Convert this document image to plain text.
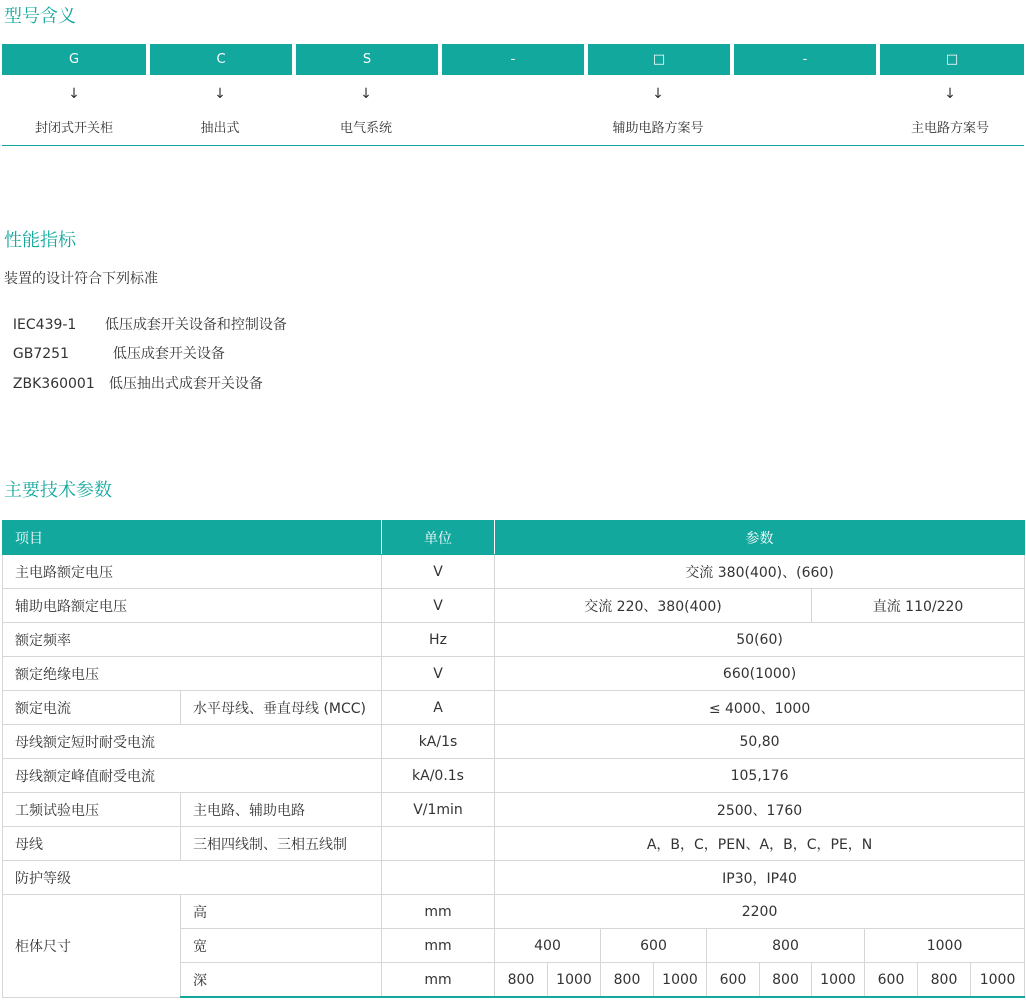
型号含义
G	C	S	-	□	-	□
↓	↓	↓	↓	↓
封闭式开关柜	抽出式	电气系统	辅助电路方案号	主电路方案号
性能指标
装置的设计符合下列标准

IEC439-1 低压成套开关设备和控制设备

GB7251	低压成套开关设备

ZBK360001 低压抽出式成套开关设备

主要技术参数
项目		单位	参数									
主电路额定电压		V	交流 380(400)、(660)									
辅助电路额定电压		V	交流 220、380(400)						直流 110/220			
额定频率		Hz	50(60)									
额定绝缘电压		V	660(1000)									
额定电流	水平母线、垂直母线 (MCC)	A	≤ 4000、1000									
母线额定短时耐受电流		kA/1s	50,80									
母线额定峰值耐受电流		kA/0.1s	105,176									
工频试验电压	主电路、辅助电路	V/1min	2500、1760									
母线	三相四线制、三相五线制		A，B，C，PEN、A，B，C，PE，N									
防护等级			IP30，IP40									
柜体尺寸	高	mm	2200									
	宽	mm	400		600		800			1000		
	深	mm	800	1000	800	1000	600	800	1000	600	800	1000
